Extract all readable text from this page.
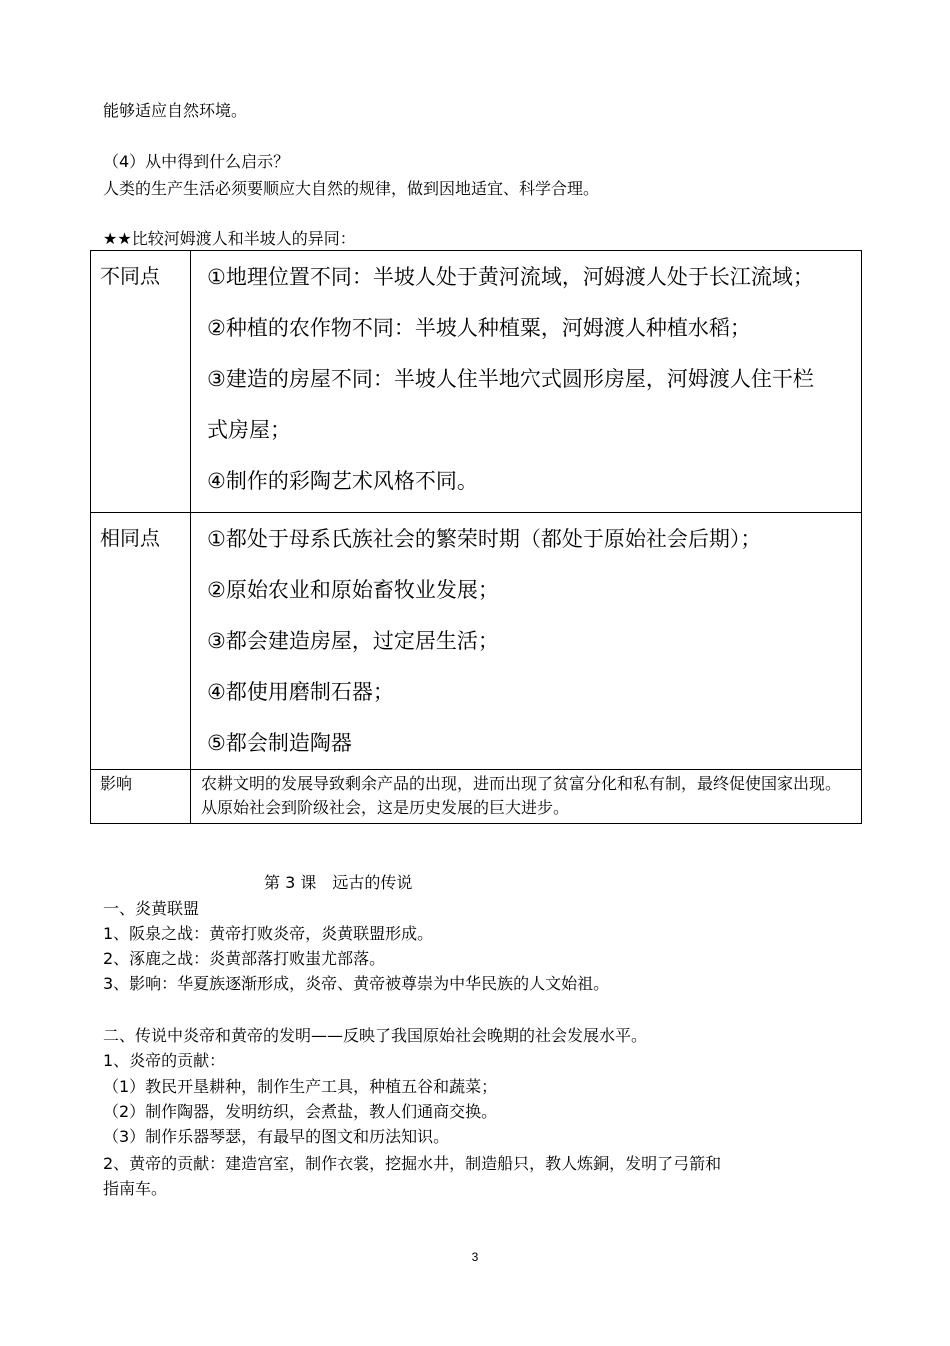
能够适应自然环境。
（4）从中得到什么启示？
人类的生产生活必须要顺应大自然的规律，做到因地适宜、科学合理。
★★比较河姆渡人和半坡人的异同：
不同点	①地理位置不同：半坡人处于黄河流域，河姆渡人处于长江流域；
②种植的农作物不同：半坡人种植粟，河姆渡人种植水稻；
③建造的房屋不同：半坡人住半地穴式圆形房屋，河姆渡人住干栏
式房屋；
④制作的彩陶艺术风格不同。

相同点	①都处于母系氏族社会的繁荣时期（都处于原始社会后期）；
②原始农业和原始畜牧业发展；
③都会建造房屋，过定居生活；
④都使用磨制石器；
⑤都会制造陶器

影响	农耕文明的发展导致剩余产品的出现，进而出现了贫富分化和私有制，最终促使国家出现。从原始社会到阶级社会，这是历史发展的巨大进步。
第 3 课　远古的传说
一、炎黄联盟
1、阪泉之战：黄帝打败炎帝，炎黄联盟形成。
2、涿鹿之战：炎黄部落打败蚩尤部落。
3、影响：华夏族逐渐形成，炎帝、黄帝被尊崇为中华民族的人文始祖。
二、传说中炎帝和黄帝的发明——反映了我国原始社会晚期的社会发展水平。
1、炎帝的贡献：
（1）教民开垦耕种，制作生产工具，种植五谷和蔬菜；
（2）制作陶器，发明纺织，会煮盐，教人们通商交换。
（3）制作乐器琴瑟，有最早的图文和历法知识。
2、黄帝的贡献：建造宫室，制作衣裳，挖掘水井，制造船只，教人炼銅，发明了弓箭和
指南车。
3
